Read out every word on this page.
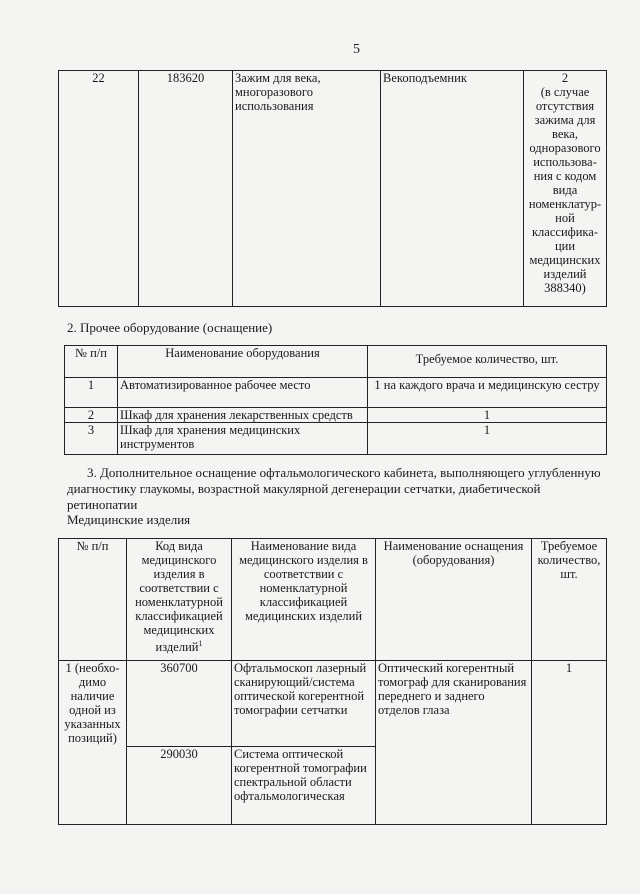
5
22	183620	Зажим для века, многоразового использования	Векоподъемник	2
(в случае
отсутствия
зажима для
века,
одноразового
использова-
ния с кодом
вида
номенклатур-
ной
классифика-
ции
медицинских
изделий
388340)
2. Прочее оборудование (оснащение)
№ п/п	Наименование оборудования	Требуемое количество, шт.
1	Автоматизированное рабочее место	1 на каждого врача и медицинскую сестру
2	Шкаф для хранения лекарственных средств	1
3	Шкаф для хранения медицинских инструментов	1
3. Дополнительное оснащение офтальмологического кабинета, выполняющего углубленную диагностику глаукомы, возрастной макулярной дегенерации сетчатки, диабетической ретинопатии
Медицинские изделия
№ п/п	Код вида медицинского изделия в соответствии с номенклатурной классификацией медицинских изделий$^1$	Наименование вида медицинского изделия в соответствии с номенклатурной классификацией медицинских изделий	Наименование оснащения (оборудования)	Требуемое количество, шт.
1 (необхо-димо наличие одной из указанных позиций)	360700	Офтальмоскоп лазерный сканирующий/система оптической когерентной томографии сетчатки	Оптический когерентный томограф для сканирования переднего и заднего отделов глаза	1
	290030	Система оптической когерентной томографии спектральной области офтальмологическая		
